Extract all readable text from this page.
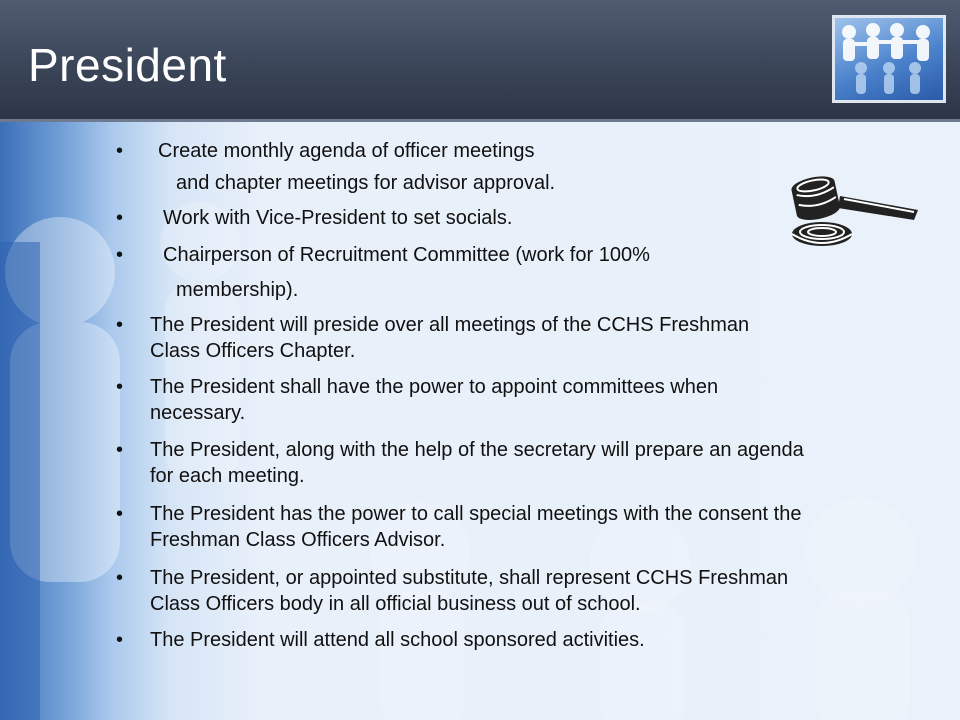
President
• Create monthly agenda of officer meetings
and chapter meetings for advisor approval.
• Work with Vice-President to set socials.
• Chairperson of Recruitment Committee (work for 100%
membership).
• The President will preside over all meetings of the CCHS Freshman
Class Officers Chapter.
• The President shall have the power to appoint committees when
necessary.
• The President, along with the help of the secretary will prepare an agenda
for each meeting.
• The President has the power to call special meetings with the consent the
Freshman Class Officers Advisor.
• The President, or appointed substitute, shall represent CCHS Freshman
Class Officers body in all official business out of school.
• The President will attend all school sponsored activities.
